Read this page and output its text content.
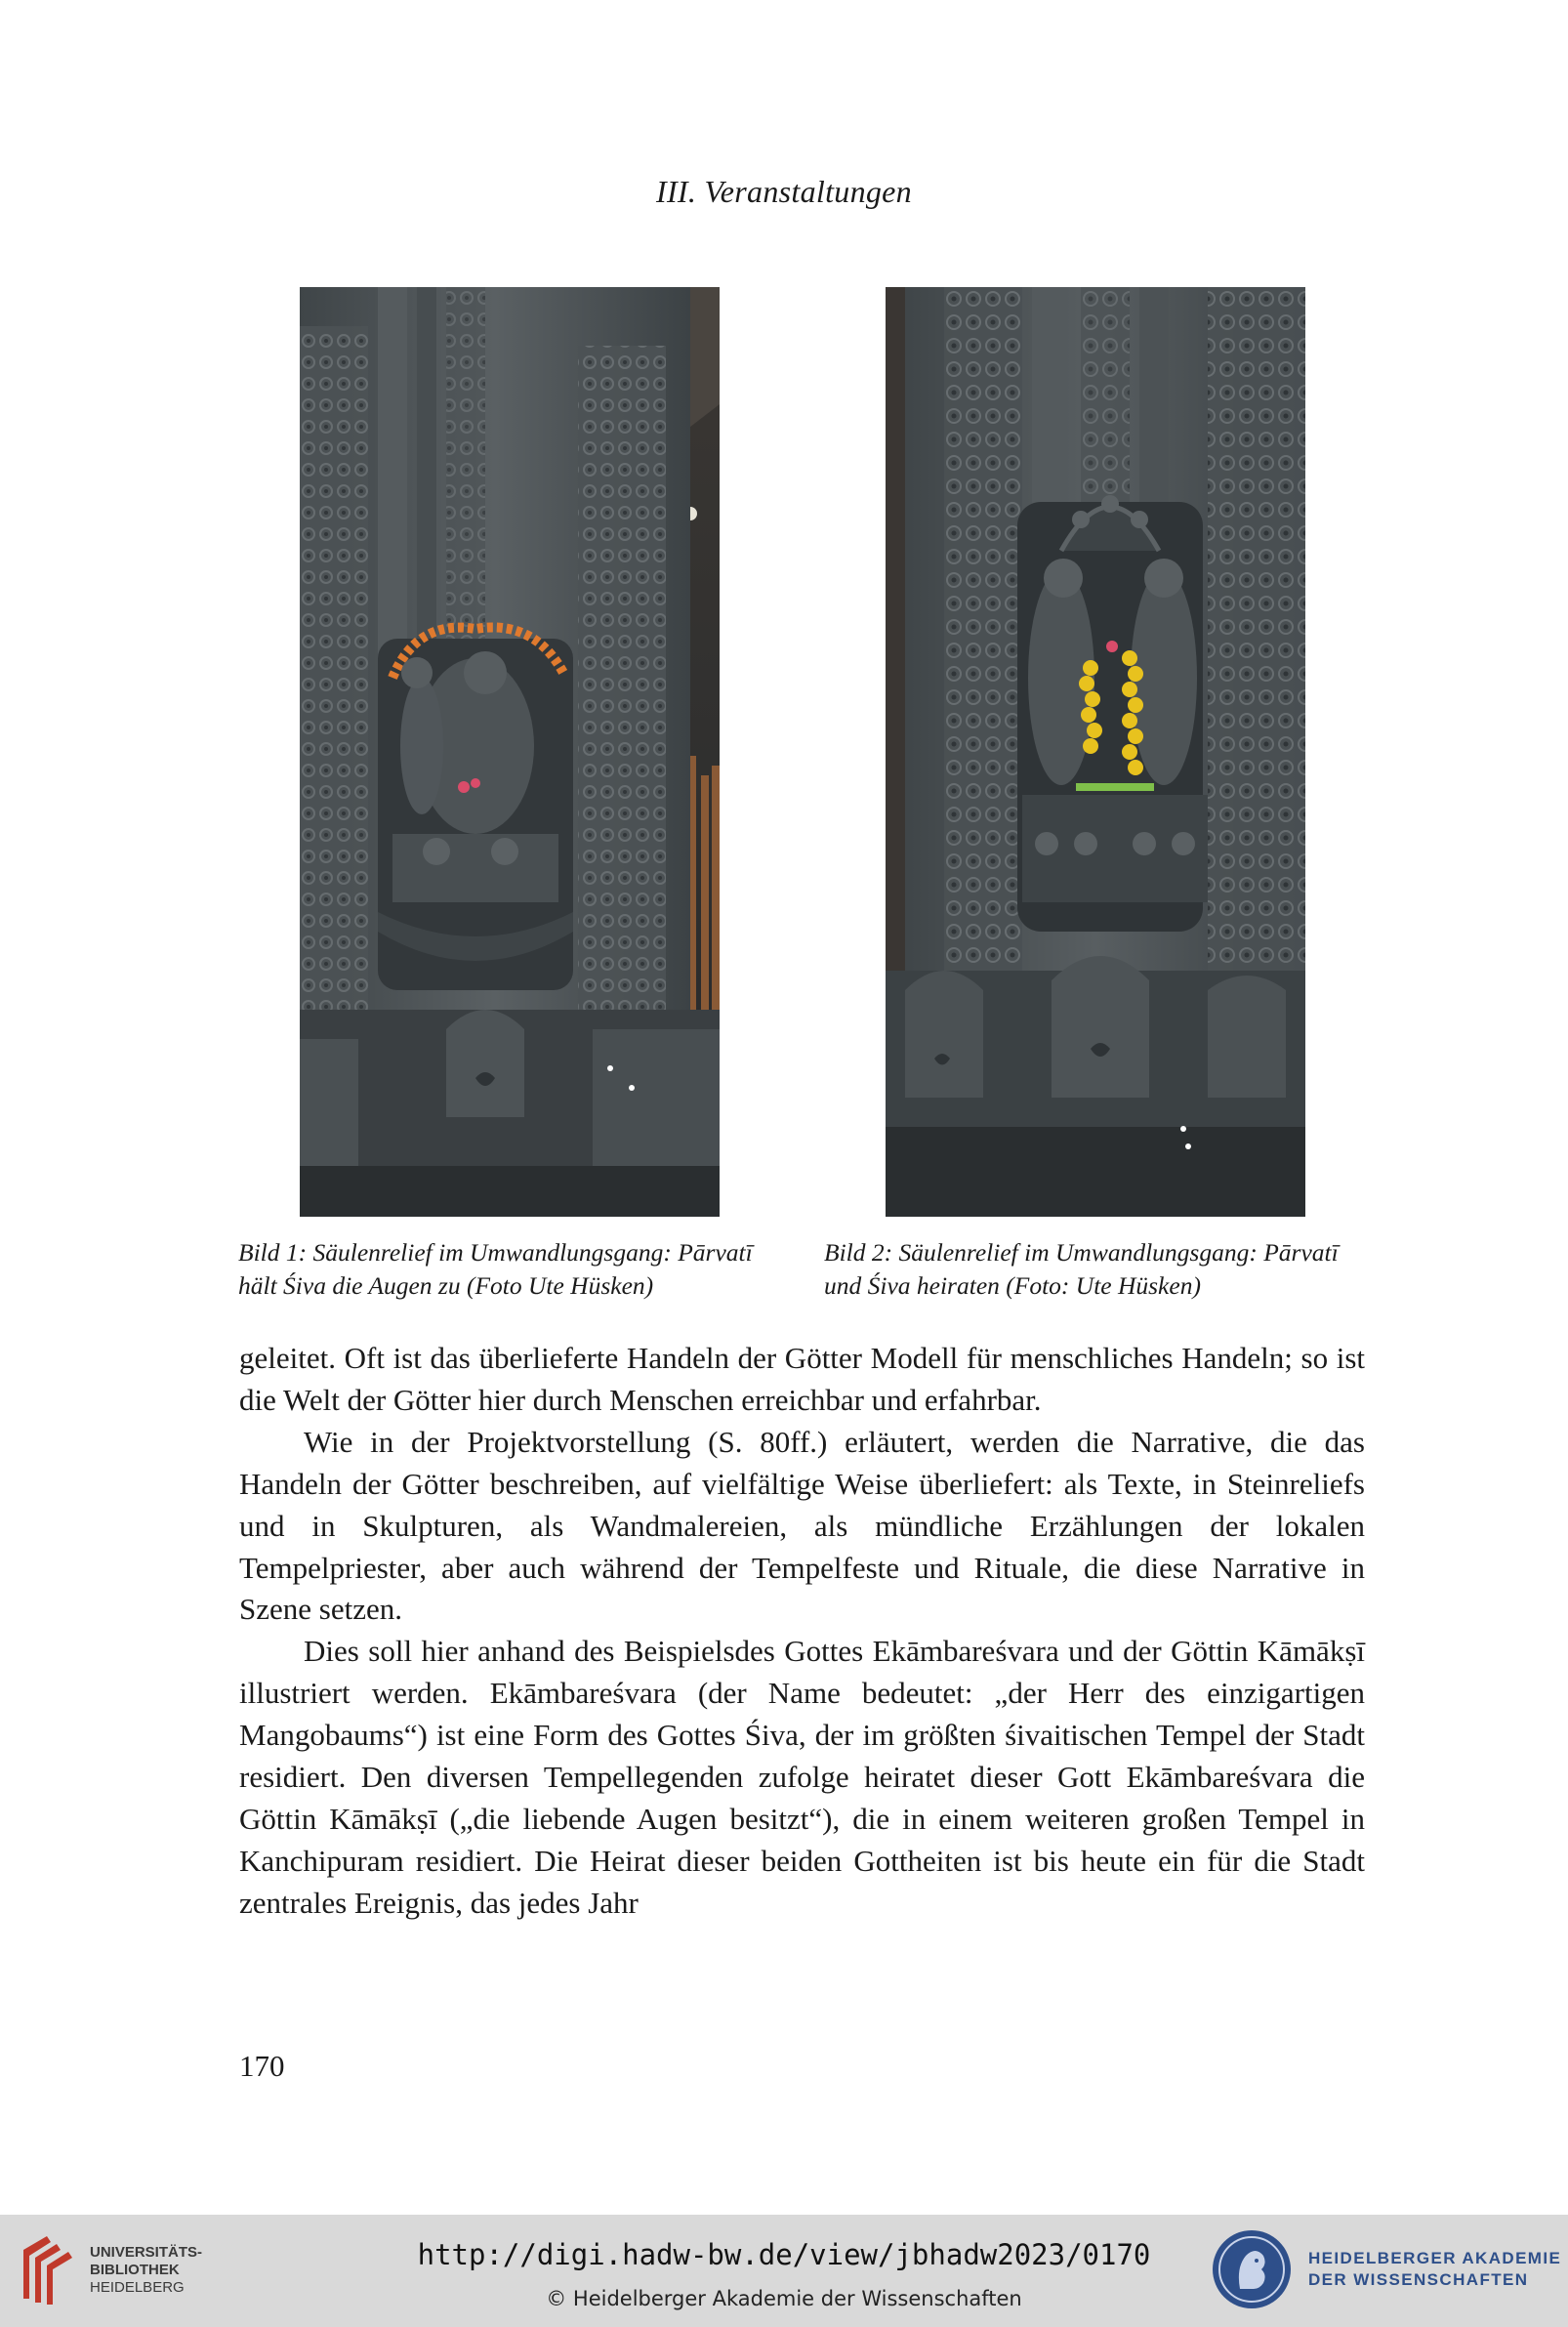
III. Veranstaltungen
Bild 1: Säulenrelief im Umwandlungsgang: Pārvatī
hält Śiva die Augen zu (Foto Ute Hüsken)
Bild 2: Säulenrelief im Umwandlungsgang: Pārvatī
und Śiva heiraten (Foto: Ute Hüsken)

geleitet. Oft ist das überlieferte Handeln der Götter Modell für menschliches Handeln; so ist die Welt der Götter hier durch Menschen erreichbar und erfahrbar.

Wie in der Projektvorstellung (S. 80ff.) erläutert, werden die Narrative, die das Handeln der Götter beschreiben, auf vielfältige Weise überliefert: als Texte, in Steinreliefs und in Skulpturen, als Wandmalereien, als mündliche Erzählungen der lokalen Tempelpriester, aber auch während der Tempelfeste und Rituale, die diese Narrative in Szene setzen.

Dies soll hier anhand des Beispielsdes Gottes Ekāmbareśvara und der Göttin Kāmākṣī illustriert werden. Ekāmbareśvara (der Name bedeutet: „der Herr des einzigartigen Mangobaums“) ist eine Form des Gottes Śiva, der im größten śivaitischen Tempel der Stadt residiert. Den diversen Tempellegenden zufolge heiratet dieser Gott Ekāmbareśvara die Göttin Kāmākṣī („die liebende Augen besitzt“), die in einem weiteren großen Tempel in Kanchipuram residiert. Die Heirat dieser beiden Gottheiten ist bis heute ein für die Stadt zentrales Ereignis, das jedes Jahr

170
UNIVERSITÄTS-
BIBLIOTHEK
HEIDELBERG
http://digi.hadw-bw.de/view/jbhadw2023/0170
© Heidelberger Akademie der Wissenschaften
HEIDELBERGER AKADEMIE
DER WISSENSCHAFTEN
